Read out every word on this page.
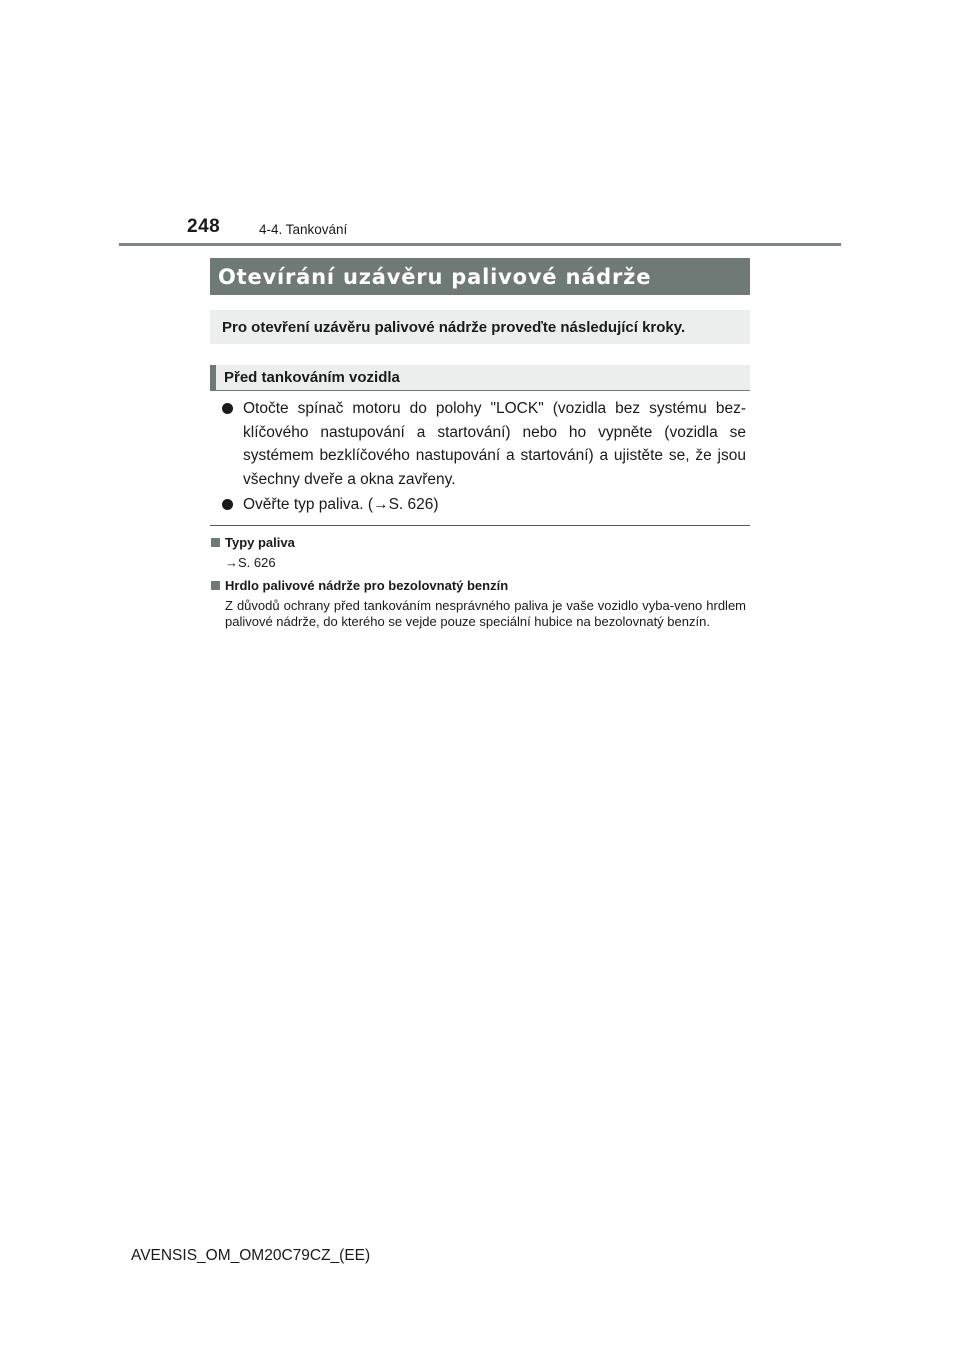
248	4-4. Tankování
Otevírání uzávěru palivové nádrže
Pro otevření uzávěru palivové nádrže proveďte následující kroky.
Před tankováním vozidla
Otočte spínač motoru do polohy "LOCK" (vozidla bez systému bez-klíčového nastupování a startování) nebo ho vypněte (vozidla se systémem bezklíčového nastupování a startování) a ujistěte se, že jsou všechny dveře a okna zavřeny.
Ověřte typ paliva. (→S. 626)
Typy paliva
→S. 626
Hrdlo palivové nádrže pro bezolovnatý benzín
Z důvodů ochrany před tankováním nesprávného paliva je vaše vozidlo vyba-veno hrdlem palivové nádrže, do kterého se vejde pouze speciální hubice na bezolovnatý benzín.
AVENSIS_OM_OM20C79CZ_(EE)
